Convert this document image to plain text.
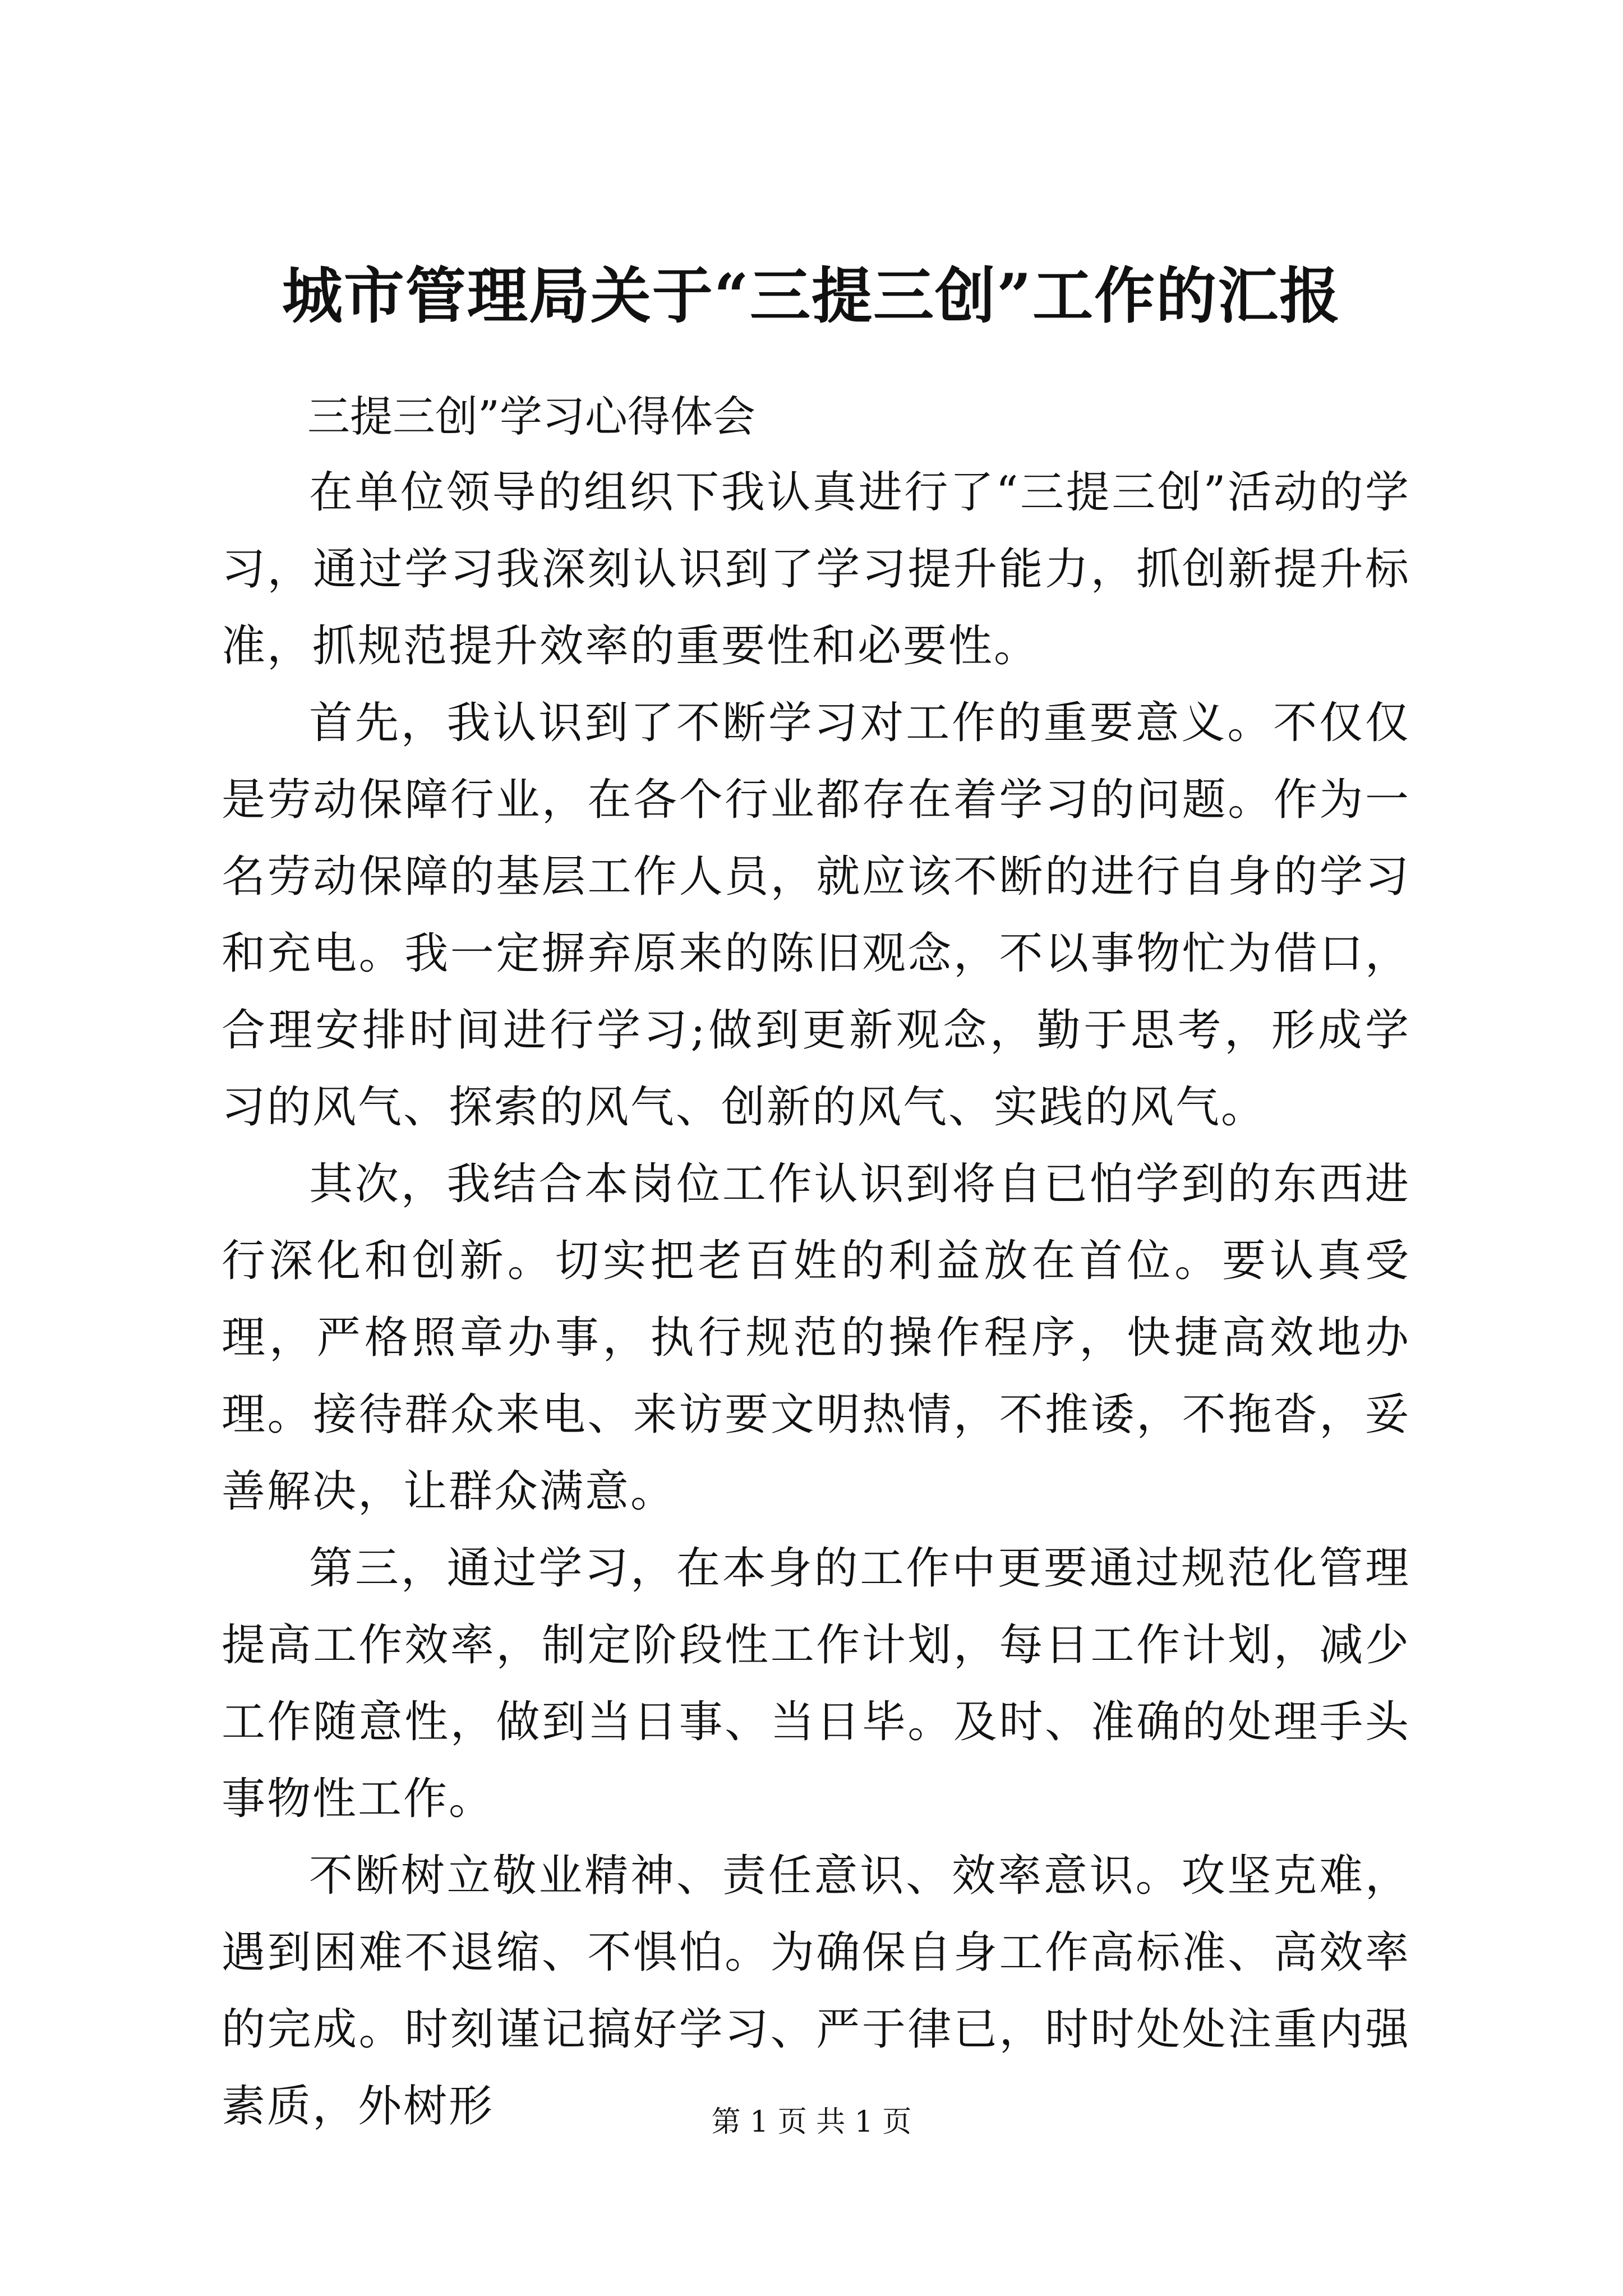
城市管理局关于“三提三创”工作的汇报
三提三创”学习心得体会

在单位领导的组织下我认真进行了“三提三创”活动的学习，通过学习我深刻认识到了学习提升能力，抓创新提升标准，抓规范提升效率的重要性和必要性。

首先，我认识到了不断学习对工作的重要意义。不仅仅是劳动保障行业，在各个行业都存在着学习的问题。作为一名劳动保障的基层工作人员，就应该不断的进行自身的学习和充电。我一定摒弃原来的陈旧观念，不以事物忙为借口，合理安排时间进行学习;做到更新观念，勤于思考，形成学习的风气、探索的风气、创新的风气、实践的风气。

其次，我结合本岗位工作认识到将自已怕学到的东西进行深化和创新。切实把老百姓的利益放在首位。要认真受理，严格照章办事，执行规范的操作程序，快捷高效地办理。接待群众来电、来访要文明热情，不推诿，不拖沓，妥善解决，让群众满意。

第三，通过学习，在本身的工作中更要通过规范化管理提高工作效率，制定阶段性工作计划，每日工作计划，减少工作随意性，做到当日事、当日毕。及时、准确的处理手头事物性工作。

不断树立敬业精神、责任意识、效率意识。攻坚克难，遇到困难不退缩、不惧怕。为确保自身工作高标准、高效率的完成。时刻谨记搞好学习、严于律已，时时处处注重内强素质，外树形	第 1 页 共 1 页
